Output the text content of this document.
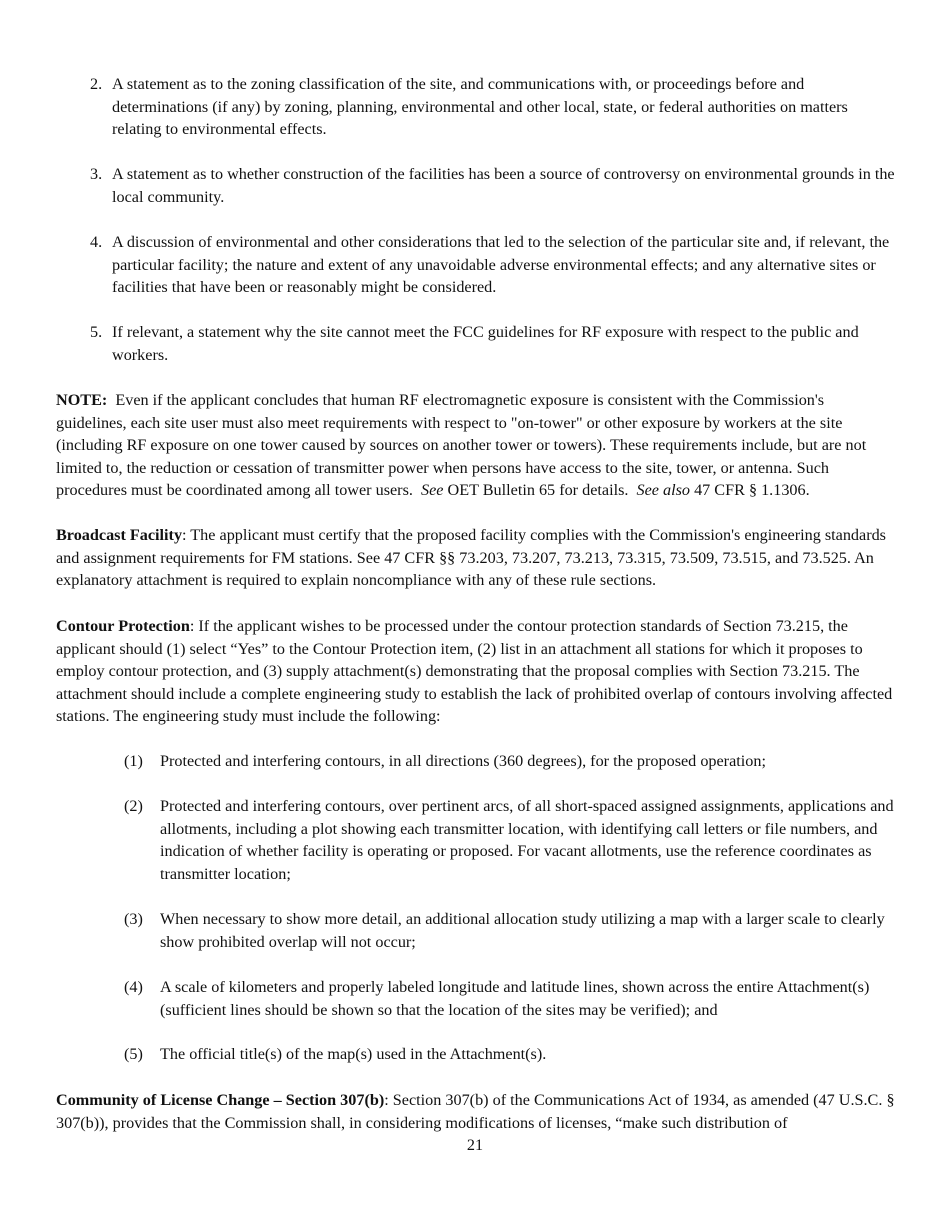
2. A statement as to the zoning classification of the site, and communications with, or proceedings before and determinations (if any) by zoning, planning, environmental and other local, state, or federal authorities on matters relating to environmental effects.
3. A statement as to whether construction of the facilities has been a source of controversy on environmental grounds in the local community.
4. A discussion of environmental and other considerations that led to the selection of the particular site and, if relevant, the particular facility; the nature and extent of any unavoidable adverse environmental effects; and any alternative sites or facilities that have been or reasonably might be considered.
5. If relevant, a statement why the site cannot meet the FCC guidelines for RF exposure with respect to the public and workers.
NOTE: Even if the applicant concludes that human RF electromagnetic exposure is consistent with the Commission's guidelines, each site user must also meet requirements with respect to "on-tower" or other exposure by workers at the site (including RF exposure on one tower caused by sources on another tower or towers). These requirements include, but are not limited to, the reduction or cessation of transmitter power when persons have access to the site, tower, or antenna. Such procedures must be coordinated among all tower users. See OET Bulletin 65 for details. See also 47 CFR § 1.1306.
Broadcast Facility: The applicant must certify that the proposed facility complies with the Commission's engineering standards and assignment requirements for FM stations. See 47 CFR §§ 73.203, 73.207, 73.213, 73.315, 73.509, 73.515, and 73.525. An explanatory attachment is required to explain noncompliance with any of these rule sections.
Contour Protection: If the applicant wishes to be processed under the contour protection standards of Section 73.215, the applicant should (1) select “Yes” to the Contour Protection item, (2) list in an attachment all stations for which it proposes to employ contour protection, and (3) supply attachment(s) demonstrating that the proposal complies with Section 73.215. The attachment should include a complete engineering study to establish the lack of prohibited overlap of contours involving affected stations. The engineering study must include the following:
(1) Protected and interfering contours, in all directions (360 degrees), for the proposed operation;
(2) Protected and interfering contours, over pertinent arcs, of all short-spaced assigned assignments, applications and allotments, including a plot showing each transmitter location, with identifying call letters or file numbers, and indication of whether facility is operating or proposed. For vacant allotments, use the reference coordinates as transmitter location;
(3) When necessary to show more detail, an additional allocation study utilizing a map with a larger scale to clearly show prohibited overlap will not occur;
(4) A scale of kilometers and properly labeled longitude and latitude lines, shown across the entire Attachment(s) (sufficient lines should be shown so that the location of the sites may be verified); and
(5) The official title(s) of the map(s) used in the Attachment(s).
Community of License Change – Section 307(b): Section 307(b) of the Communications Act of 1934, as amended (47 U.S.C. § 307(b)), provides that the Commission shall, in considering modifications of licenses, “make such distribution of
21
